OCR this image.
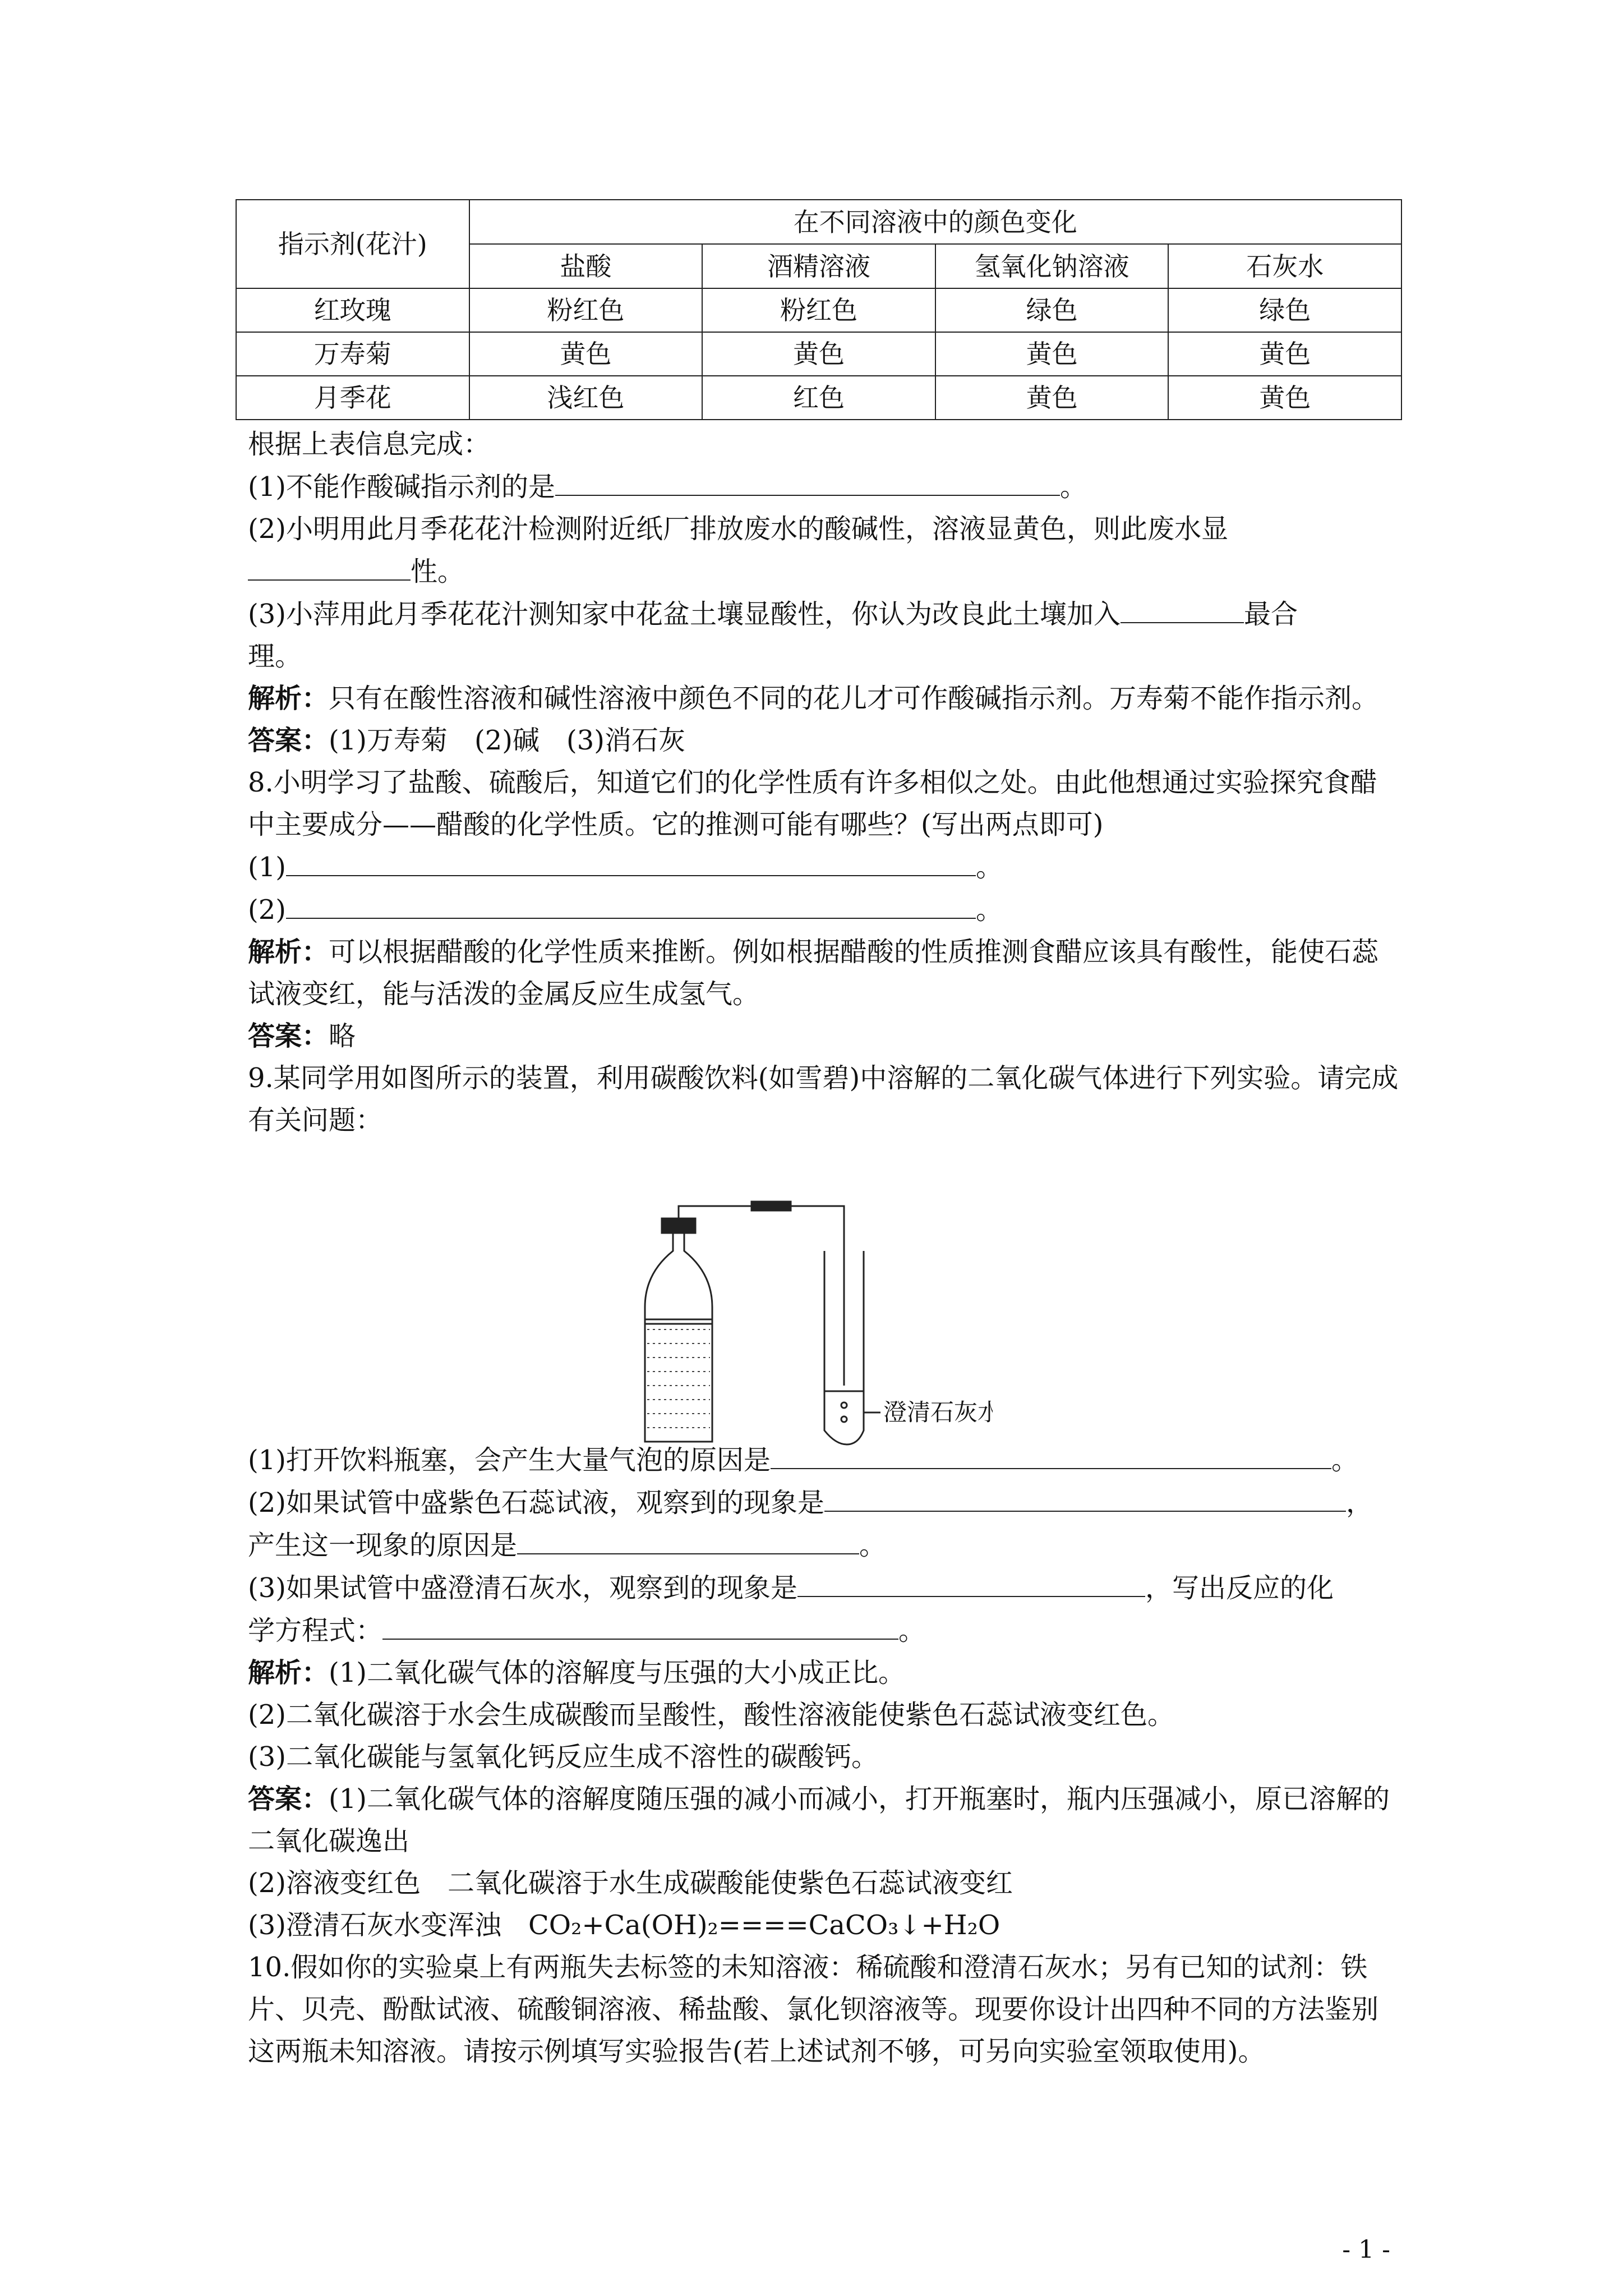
指示剂(花汁)	在不同溶液中的颜色变化			
	盐酸	酒精溶液	氢氧化钠溶液	石灰水
红玫瑰	粉红色	粉红色	绿色	绿色
万寿菊	黄色	黄色	黄色	黄色
月季花	浅红色	红色	黄色	黄色

根据上表信息完成：

(1)不能作酸碱指示剂的是	。

(2)小明用此月季花花汁检测附近纸厂排放废水的酸碱性，溶液显黄色，则此废水显

性。

(3)小萍用此月季花花汁测知家中花盆土壤显酸性，你认为改良此土壤加入	最合

理。

解析：只有在酸性溶液和碱性溶液中颜色不同的花儿才可作酸碱指示剂。万寿菊不能作指示剂。

答案：(1)万寿菊　(2)碱　(3)消石灰

8.小明学习了盐酸、硫酸后，知道它们的化学性质有许多相似之处。由此他想通过实验探究食醋中主要成分——醋酸的化学性质。它的推测可能有哪些？(写出两点即可)

(1)	。

(2)	。

解析：可以根据醋酸的化学性质来推断。例如根据醋酸的性质推测食醋应该具有酸性，能使石蕊试液变红，能与活泼的金属反应生成氢气。

答案：略

9.某同学用如图所示的装置，利用碳酸饮料(如雪碧)中溶解的二氧化碳气体进行下列实验。请完成有关问题：

(1)打开饮料瓶塞，会产生大量气泡的原因是	。

(2)如果试管中盛紫色石蕊试液，观察到的现象是	，

产生这一现象的原因是	。

(3)如果试管中盛澄清石灰水，观察到的现象是	，写出反应的化

学方程式：	。

解析：(1)二氧化碳气体的溶解度与压强的大小成正比。

(2)二氧化碳溶于水会生成碳酸而呈酸性，酸性溶液能使紫色石蕊试液变红色。

(3)二氧化碳能与氢氧化钙反应生成不溶性的碳酸钙。

答案：(1)二氧化碳气体的溶解度随压强的减小而减小，打开瓶塞时，瓶内压强减小，原已溶解的二氧化碳逸出

(2)溶液变红色　二氧化碳溶于水生成碳酸能使紫色石蕊试液变红

(3)澄清石灰水变浑浊　CO₂+Ca(OH)₂====CaCO₃↓+H₂O

10.假如你的实验桌上有两瓶失去标签的未知溶液：稀硫酸和澄清石灰水；另有已知的试剂：铁片、贝壳、酚酞试液、硫酸铜溶液、稀盐酸、氯化钡溶液等。现要你设计出四种不同的方法鉴别这两瓶未知溶液。请按示例填写实验报告(若上述试剂不够，可另向实验室领取使用)。

澄清石灰水
- 1 -
